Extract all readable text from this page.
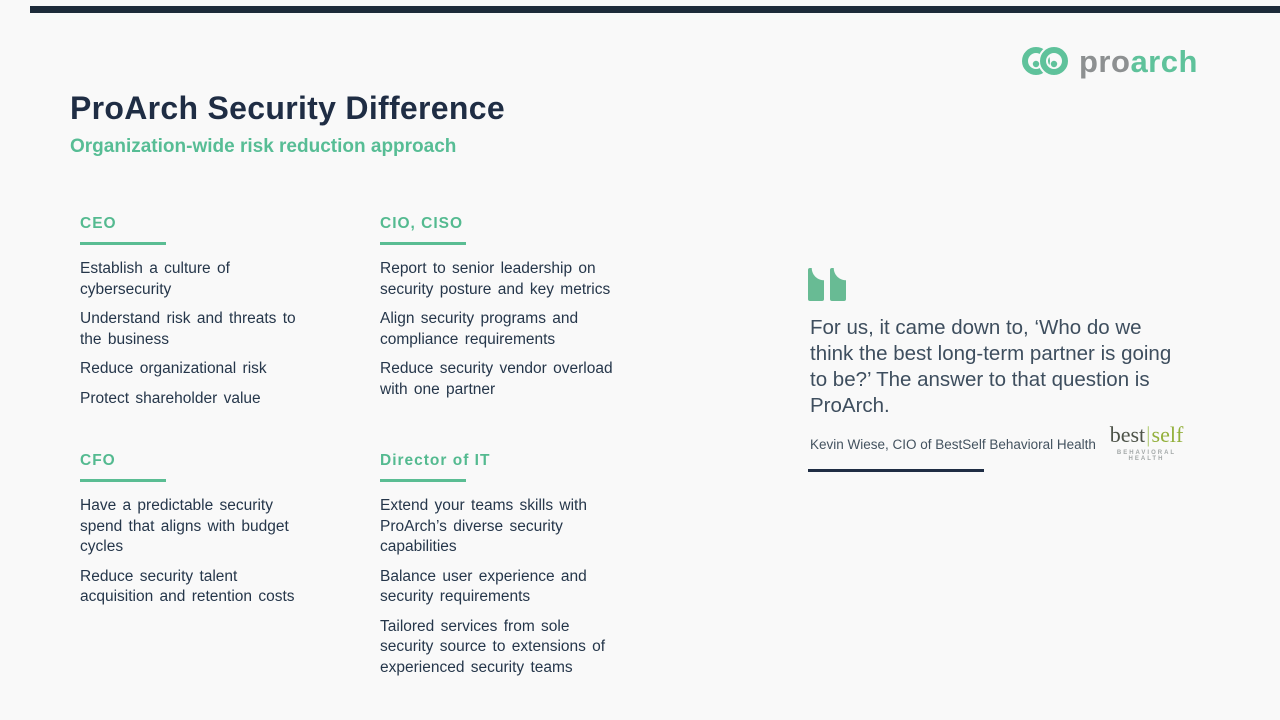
proarch
ProArch Security Difference
Organization-wide risk reduction approach
CEO

Establish a culture of cybersecurity

Understand risk and threats to the business

Reduce organizational risk

Protect shareholder value

CIO, CISO

Report to senior leadership on security posture and key metrics

Align security programs and compliance requirements

Reduce security vendor overload with one partner

CFO

Have a predictable security spend that aligns with budget cycles

Reduce security talent acquisition and retention costs

Director of IT

Extend your teams skills with ProArch’s diverse security capabilities

Balance user experience and security requirements

Tailored services from sole security source to extensions of experienced security teams

For us, it came down to, ‘Who do we think the best long-term partner is going to be?’ The answer to that question is ProArch.
Kevin Wiese, CIO of BestSelf Behavioral Health best|self
BEHAVIORAL HEALTH
